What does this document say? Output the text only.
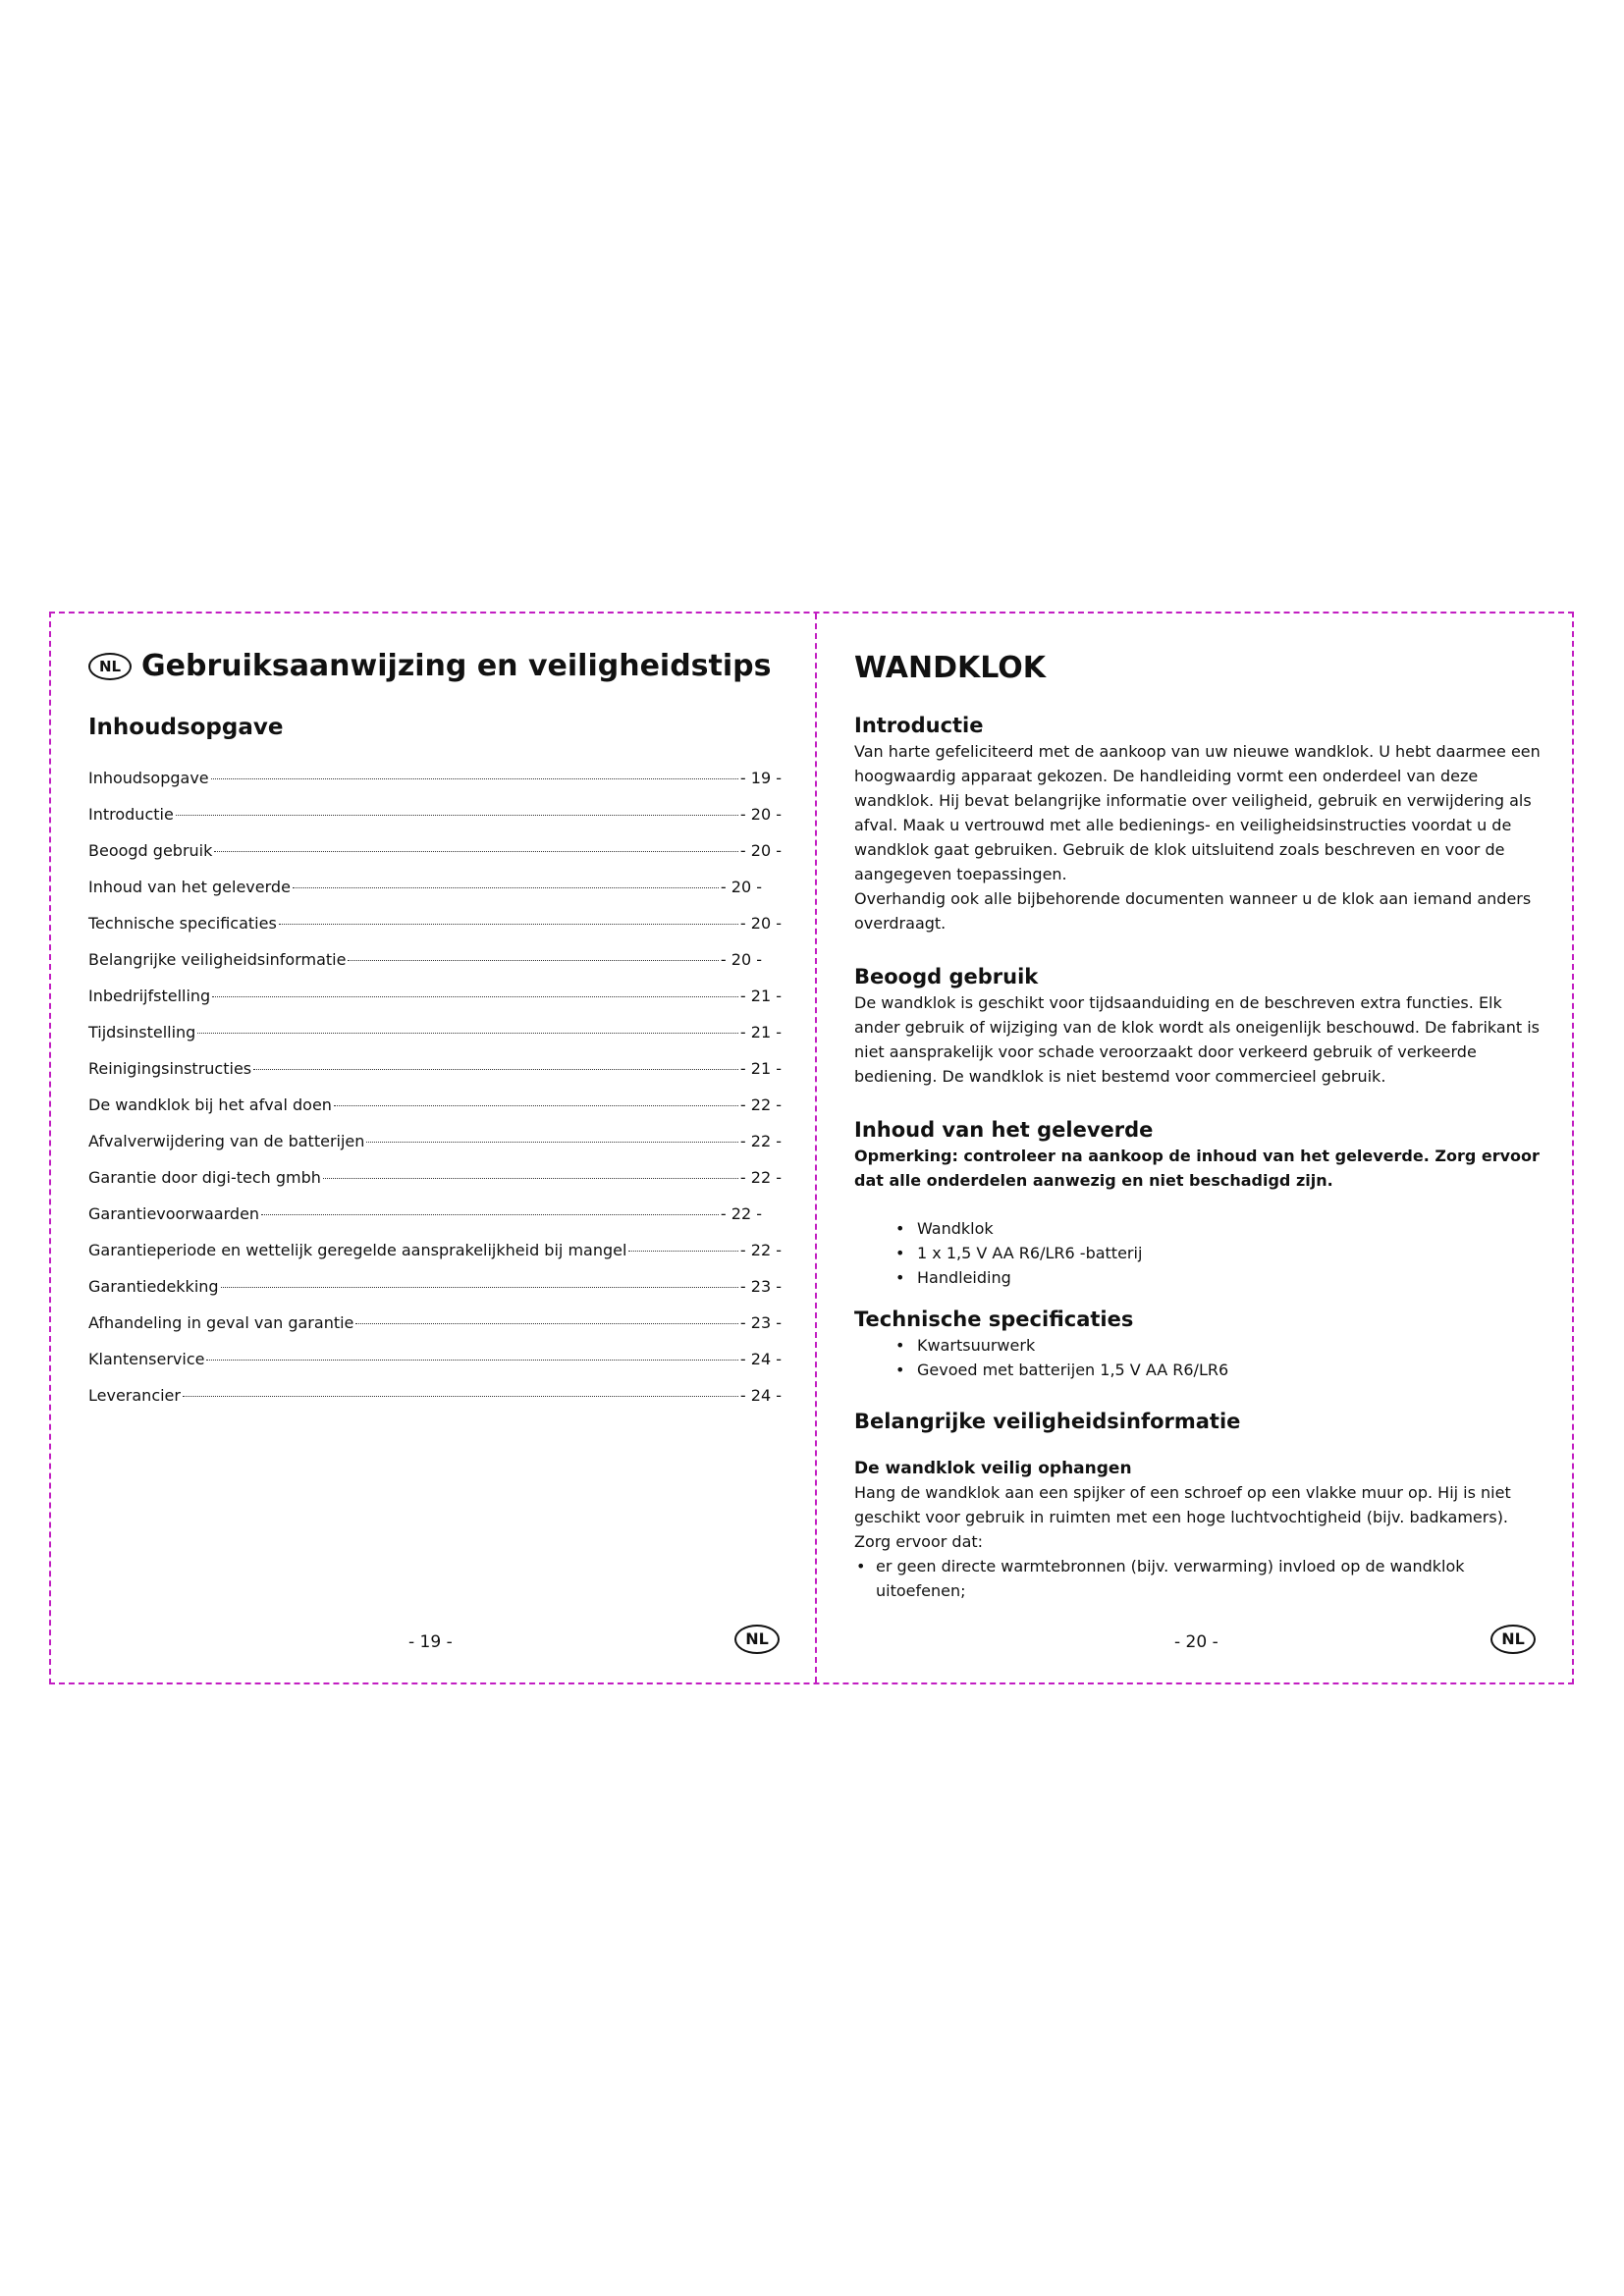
NL Gebruiksaanwijzing en veiligheidstips
Inhoudsopgave
Inhoudsopgave	- 19 -
Introductie	- 20 -
Beoogd gebruik	- 20 -
Inhoud van het geleverde	- 20 -
Technische specificaties	- 20 -
Belangrijke veiligheidsinformatie	- 20 -
Inbedrijfstelling	- 21 -
Tijdsinstelling	- 21 -
Reinigingsinstructies	- 21 -
De wandklok bij het afval doen	- 22 -
Afvalverwijdering van de batterijen	- 22 -
Garantie door digi-tech gmbh	- 22 -
Garantievoorwaarden	- 22 -
Garantieperiode en wettelijk geregelde aansprakelijkheid bij mangel	- 22 -
Garantiedekking	- 23 -
Afhandeling in geval van garantie	- 23 -
Klantenservice	- 24 -
Leverancier	- 24 -
- 19 -	NL
WANDKLOK
Introductie

Van harte gefeliciteerd met de aankoop van uw nieuwe wandklok. U hebt daarmee een hoogwaardig apparaat gekozen. De handleiding vormt een onderdeel van deze wandklok. Hij bevat belangrijke informatie over veiligheid, gebruik en verwijdering als afval. Maak u vertrouwd met alle bedienings- en veiligheidsinstructies voordat u de wandklok gaat gebruiken. Gebruik de klok uitsluitend zoals beschreven en voor de aangegeven toepassingen.

Overhandig ook alle bijbehorende documenten wanneer u de klok aan iemand anders overdraagt.

Beoogd gebruik

De wandklok is geschikt voor tijdsaanduiding en de beschreven extra functies. Elk ander gebruik of wijziging van de klok wordt als oneigenlijk beschouwd. De fabrikant is niet aansprakelijk voor schade veroorzaakt door verkeerd gebruik of verkeerde bediening. De wandklok is niet bestemd voor commercieel gebruik.

Inhoud van het geleverde

Opmerking: controleer na aankoop de inhoud van het geleverde. Zorg ervoor dat alle onderdelen aanwezig en niet beschadigd zijn.

• Wandklok
• 1 x 1,5 V AA R6/LR6 -batterij
• Handleiding
Technische specificaties
• Kwartsuurwerk
• Gevoed met batterijen 1,5 V AA R6/LR6
Belangrijke veiligheidsinformatie
De wandklok veilig ophangen

Hang de wandklok aan een spijker of een schroef op een vlakke muur op. Hij is niet geschikt voor gebruik in ruimten met een hoge luchtvochtigheid (bijv. badkamers). Zorg ervoor dat:

• er geen directe warmtebronnen (bijv. verwarming) invloed op de wandklok uitoefenen;
- 20 -	NL
